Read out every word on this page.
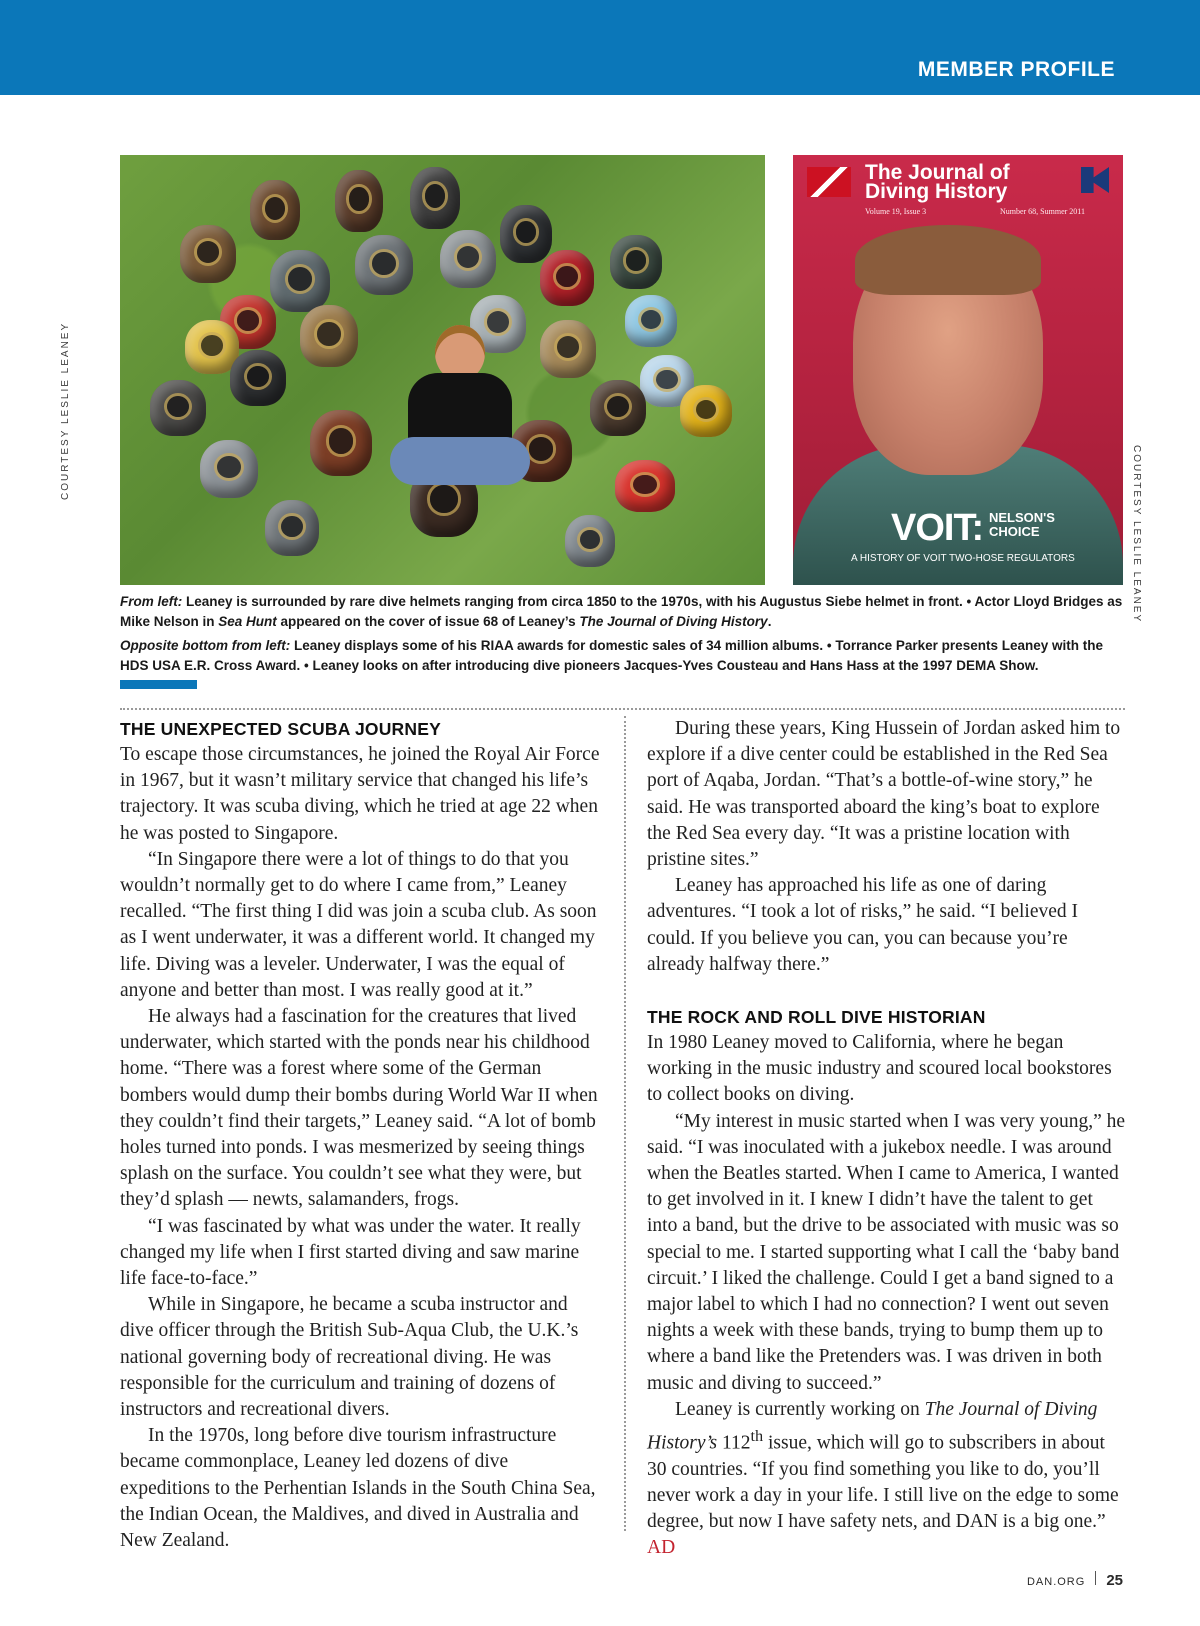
MEMBER PROFILE
The Journal of
Diving History
Volume 19, Issue 3	Number 68, Summer 2011
VOIT: NELSON'S
CHOICE
A HISTORY OF VOIT TWO-HOSE REGULATORS
COURTESY LESLIE LEANEY
COURTESY LESLIE LEANEY
From left: Leaney is surrounded by rare dive helmets ranging from circa 1850 to the 1970s, with his Augustus Siebe helmet in front. • Actor Lloyd Bridges as Mike Nelson in Sea Hunt appeared on the cover of issue 68 of Leaney’s The Journal of Diving History.
Opposite bottom from left: Leaney displays some of his RIAA awards for domestic sales of 34 million albums. • Torrance Parker presents Leaney with the HDS USA E.R. Cross Award. • Leaney looks on after introducing dive pioneers Jacques-Yves Cousteau and Hans Hass at the 1997 DEMA Show.
THE UNEXPECTED SCUBA JOURNEY

To escape those circumstances, he joined the Royal Air Force in 1967, but it wasn’t military service that changed his life’s trajectory. It was scuba diving, which he tried at age 22 when he was posted to Singapore.

“In Singapore there were a lot of things to do that you wouldn’t normally get to do where I came from,” Leaney recalled. “The first thing I did was join a scuba club. As soon as I went underwater, it was a different world. It changed my life. Diving was a leveler. Underwater, I was the equal of anyone and better than most. I was really good at it.”

He always had a fascination for the creatures that lived underwater, which started with the ponds near his childhood home. “There was a forest where some of the German bombers would dump their bombs during World War II when they couldn’t find their targets,” Leaney said. “A lot of bomb holes turned into ponds. I was mesmerized by seeing things splash on the surface. You couldn’t see what they were, but they’d splash — newts, salamanders, frogs.

“I was fascinated by what was under the water. It really changed my life when I first started diving and saw marine life face-to-face.”

While in Singapore, he became a scuba instructor and dive officer through the British Sub-Aqua Club, the U.K.’s national governing body of recreational diving. He was responsible for the curriculum and training of dozens of instructors and recreational divers.

In the 1970s, long before dive tourism infrastructure became commonplace, Leaney led dozens of dive expeditions to the Perhentian Islands in the South China Sea, the Indian Ocean, the Maldives, and dived in Australia and New Zealand.

During these years, King Hussein of Jordan asked him to explore if a dive center could be established in the Red Sea port of Aqaba, Jordan. “That’s a bottle-of-wine story,” he said. He was transported aboard the king’s boat to explore the Red Sea every day. “It was a pristine location with pristine sites.”

Leaney has approached his life as one of daring adventures. “I took a lot of risks,” he said. “I believed I could. If you believe you can, you can because you’re already halfway there.”

THE ROCK AND ROLL DIVE HISTORIAN

In 1980 Leaney moved to California, where he began working in the music industry and scoured local bookstores to collect books on diving.

“My interest in music started when I was very young,” he said. “I was inoculated with a jukebox needle. I was around when the Beatles started. When I came to America, I wanted to get involved in it. I knew I didn’t have the talent to get into a band, but the drive to be associated with music was so special to me. I started supporting what I call the ‘baby band circuit.’ I liked the challenge. Could I get a band signed to a major label to which I had no connection? I went out seven nights a week with these bands, trying to bump them up to where a band like the Pretenders was. I was driven in both music and diving to succeed.”

Leaney is currently working on The Journal of Diving History’s 112th issue, which will go to subscribers in about 30 countries. “If you find something you like to do, you’ll never work a day in your life. I still live on the edge to some degree, but now I have safety nets, and DAN is a big one.” AD

DAN.ORG 25
